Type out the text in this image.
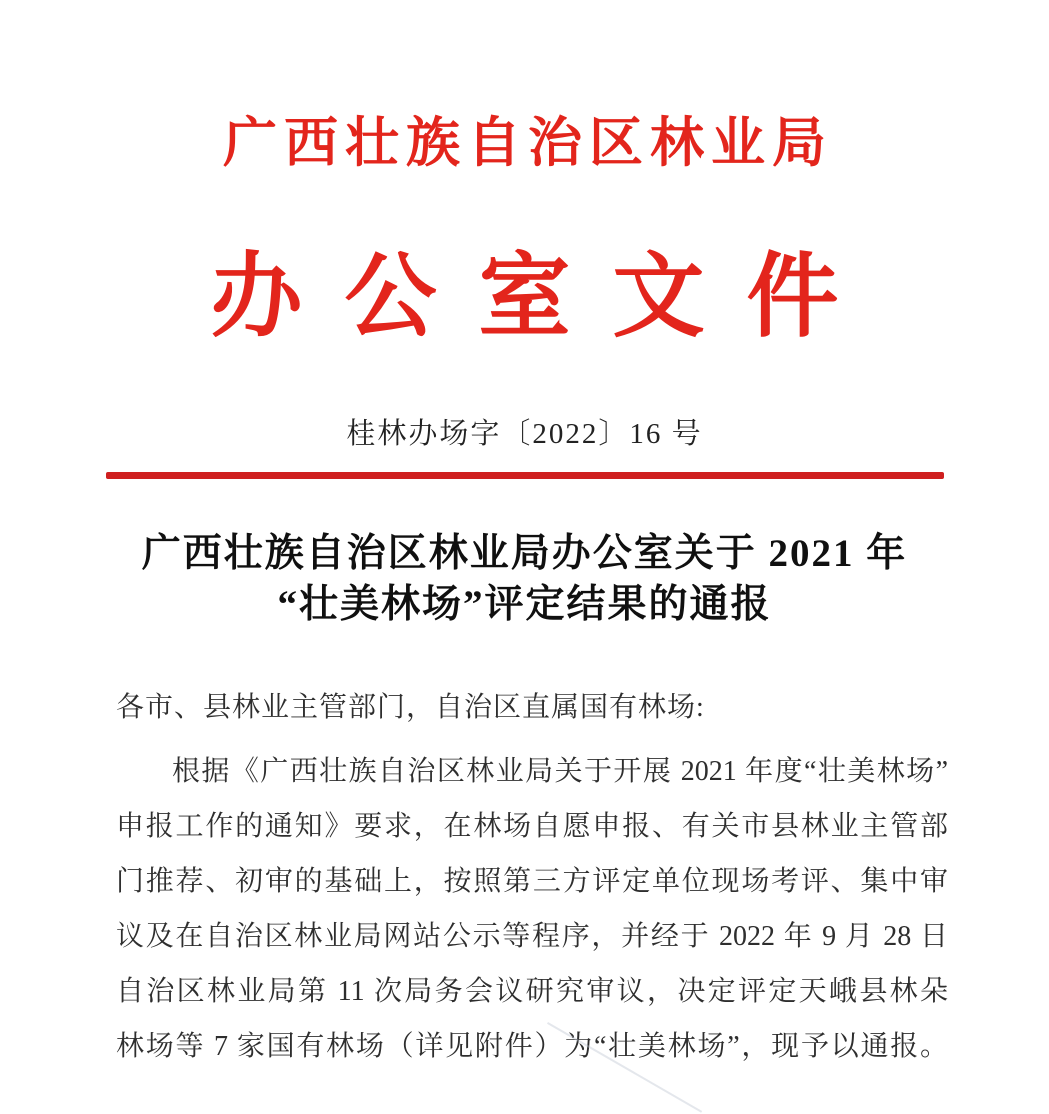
广西壮族自治区林业局
办公室文件
桂林办场字〔2022〕16 号
广西壮族自治区林业局办公室关于 2021 年
“壮美林场”评定结果的通报
各市、县林业主管部门，自治区直属国有林场:
根据《广西壮族自治区林业局关于开展 2021 年度“壮美林场”
申报工作的通知》要求，在林场自愿申报、有关市县林业主管部
门推荐、初审的基础上，按照第三方评定单位现场考评、集中审
议及在自治区林业局网站公示等程序，并经于 2022 年 9 月 28 日
自治区林业局第 11 次局务会议研究审议，决定评定天峨县林朵
林场等 7 家国有林场（详见附件）为“壮美林场”，现予以通报。
